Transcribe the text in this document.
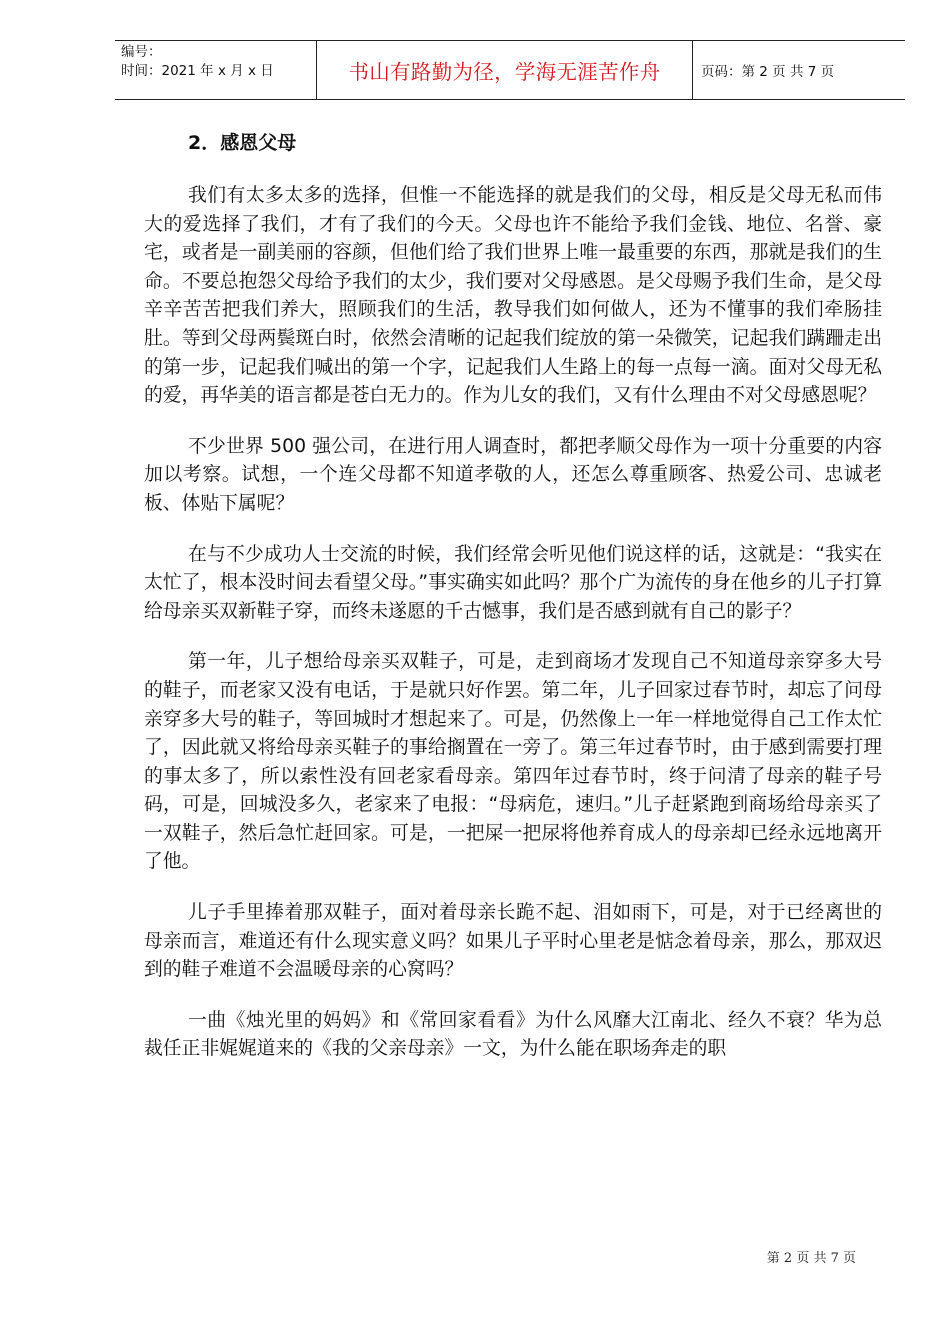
编号：
时间：2021 年 x 月 x 日	书山有路勤为径，学海无涯苦作舟	页码：第 2 页 共 7 页
2．感恩父母

我们有太多太多的选择，但惟一不能选择的就是我们的父母，相反是父母无私而伟大的爱选择了我们，才有了我们的今天。父母也许不能给予我们金钱、地位、名誉、豪宅，或者是一副美丽的容颜，但他们给了我们世界上唯一最重要的东西，那就是我们的生命。不要总抱怨父母给予我们的太少，我们要对父母感恩。是父母赐予我们生命，是父母辛辛苦苦把我们养大，照顾我们的生活，教导我们如何做人，还为不懂事的我们牵肠挂肚。等到父母两鬓斑白时，依然会清晰的记起我们绽放的第一朵微笑，记起我们蹒跚走出的第一步，记起我们喊出的第一个字，记起我们人生路上的每一点每一滴。面对父母无私的爱，再华美的语言都是苍白无力的。作为儿女的我们，又有什么理由不对父母感恩呢？

不少世界 500 强公司，在进行用人调查时，都把孝顺父母作为一项十分重要的内容加以考察。试想，一个连父母都不知道孝敬的人，还怎么尊重顾客、热爱公司、忠诚老板、体贴下属呢？

在与不少成功人士交流的时候，我们经常会听见他们说这样的话，这就是：“我实在太忙了，根本没时间去看望父母。”事实确实如此吗？那个广为流传的身在他乡的儿子打算给母亲买双新鞋子穿，而终未遂愿的千古憾事，我们是否感到就有自己的影子？

第一年，儿子想给母亲买双鞋子，可是，走到商场才发现自己不知道母亲穿多大号的鞋子，而老家又没有电话，于是就只好作罢。第二年，儿子回家过春节时，却忘了问母亲穿多大号的鞋子，等回城时才想起来了。可是，仍然像上一年一样地觉得自己工作太忙了，因此就又将给母亲买鞋子的事给搁置在一旁了。第三年过春节时，由于感到需要打理的事太多了，所以索性没有回老家看母亲。第四年过春节时，终于问清了母亲的鞋子号码，可是，回城没多久，老家来了电报：“母病危，速归。”儿子赶紧跑到商场给母亲买了一双鞋子，然后急忙赶回家。可是，一把屎一把尿将他养育成人的母亲却已经永远地离开了他。

儿子手里捧着那双鞋子，面对着母亲长跪不起、泪如雨下，可是，对于已经离世的母亲而言，难道还有什么现实意义吗？如果儿子平时心里老是惦念着母亲，那么，那双迟到的鞋子难道不会温暖母亲的心窝吗？

一曲《烛光里的妈妈》和《常回家看看》为什么风靡大江南北、经久不衰？华为总裁任正非娓娓道来的《我的父亲母亲》一文，为什么能在职场奔走的职

第 2 页 共 7 页
